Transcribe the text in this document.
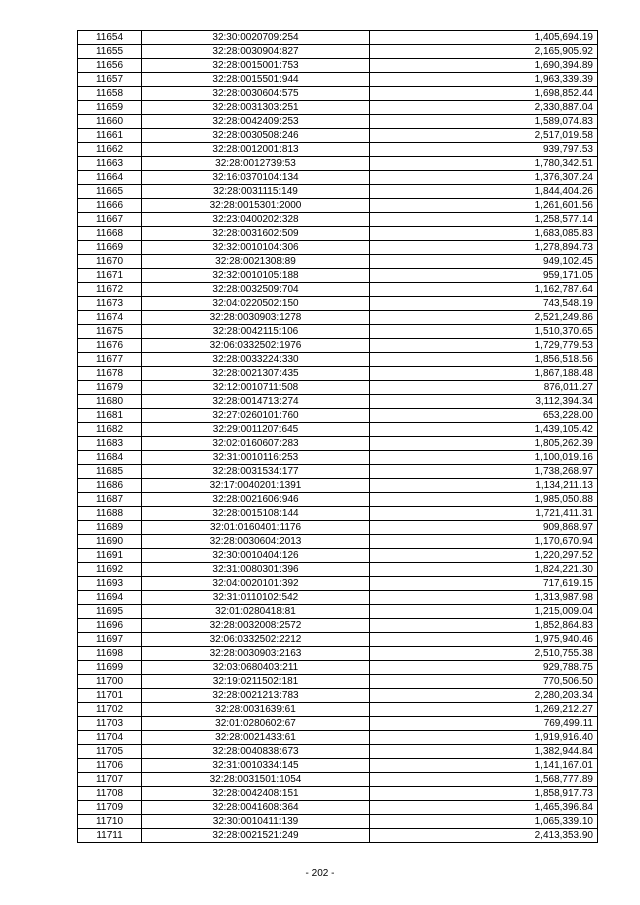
11654	32:30:0020709:254	1,405,694.19
11655	32:28:0030904:827	2,165,905.92
11656	32:28:0015001:753	1,690,394.89
11657	32:28:0015501:944	1,963,339.39
11658	32:28:0030604:575	1,698,852.44
11659	32:28:0031303:251	2,330,887.04
11660	32:28:0042409:253	1,589,074.83
11661	32:28:0030508:246	2,517,019.58
11662	32:28:0012001:813	939,797.53
11663	32:28:0012739:53	1,780,342.51
11664	32:16:0370104:134	1,376,307.24
11665	32:28:0031115:149	1,844,404.26
11666	32:28:0015301:2000	1,261,601.56
11667	32:23:0400202:328	1,258,577.14
11668	32:28:0031602:509	1,683,085.83
11669	32:32:0010104:306	1,278,894.73
11670	32:28:0021308:89	949,102.45
11671	32:32:0010105:188	959,171.05
11672	32:28:0032509:704	1,162,787.64
11673	32:04:0220502:150	743,548.19
11674	32:28:0030903:1278	2,521,249.86
11675	32:28:0042115:106	1,510,370.65
11676	32:06:0332502:1976	1,729,779.53
11677	32:28:0033224:330	1,856,518.56
11678	32:28:0021307:435	1,867,188.48
11679	32:12:0010711:508	876,011.27
11680	32:28:0014713:274	3,112,394.34
11681	32:27:0260101:760	653,228.00
11682	32:29:0011207:645	1,439,105.42
11683	32:02:0160607:283	1,805,262.39
11684	32:31:0010116:253	1,100,019.16
11685	32:28:0031534:177	1,738,268.97
11686	32:17:0040201:1391	1,134,211.13
11687	32:28:0021606:946	1,985,050.88
11688	32:28:0015108:144	1,721,411.31
11689	32:01:0160401:1176	909,868.97
11690	32:28:0030604:2013	1,170,670.94
11691	32:30:0010404:126	1,220,297.52
11692	32:31:0080301:396	1,824,221.30
11693	32:04:0020101:392	717,619.15
11694	32:31:0110102:542	1,313,987.98
11695	32:01:0280418:81	1,215,009.04
11696	32:28:0032008:2572	1,852,864.83
11697	32:06:0332502:2212	1,975,940.46
11698	32:28:0030903:2163	2,510,755.38
11699	32:03:0680403:211	929,788.75
11700	32:19:0211502:181	770,506.50
11701	32:28:0021213:783	2,280,203.34
11702	32:28:0031639:61	1,269,212.27
11703	32:01:0280602:67	769,499.11
11704	32:28:0021433:61	1,919,916.40
11705	32:28:0040838:673	1,382,944.84
11706	32:31:0010334:145	1,141,167.01
11707	32:28:0031501:1054	1,568,777.89
11708	32:28:0042408:151	1,858,917.73
11709	32:28:0041608:364	1,465,396.84
11710	32:30:0010411:139	1,065,339.10
11711	32:28:0021521:249	2,413,353.90
- 202 -
